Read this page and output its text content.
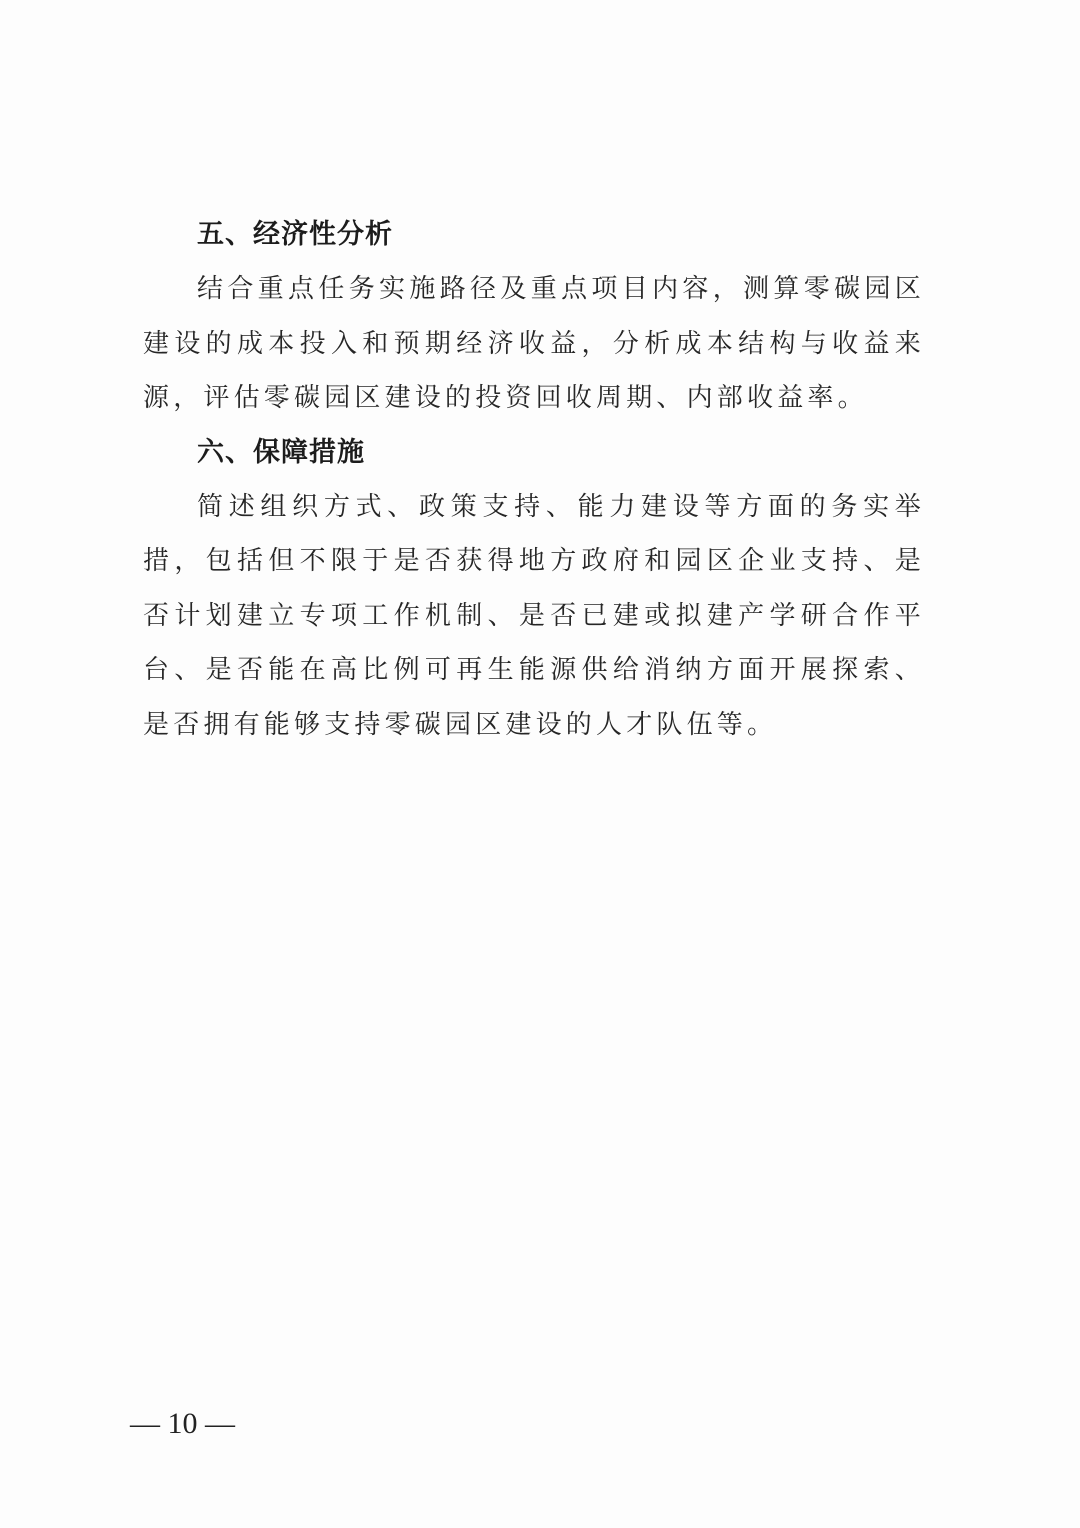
五、经济性分析

结合重点任务实施路径及重点项目内容，测算零碳园区建设的成本投入和预期经济收益，分析成本结构与收益来源，评估零碳园区建设的投资回收周期、内部收益率。

六、保障措施

简述组织方式、政策支持、能力建设等方面的务实举措，包括但不限于是否获得地方政府和园区企业支持、是否计划建立专项工作机制、是否已建或拟建产学研合作平台、是否能在高比例可再生能源供给消纳方面开展探索、是否拥有能够支持零碳园区建设的人才队伍等。

— 10 —
